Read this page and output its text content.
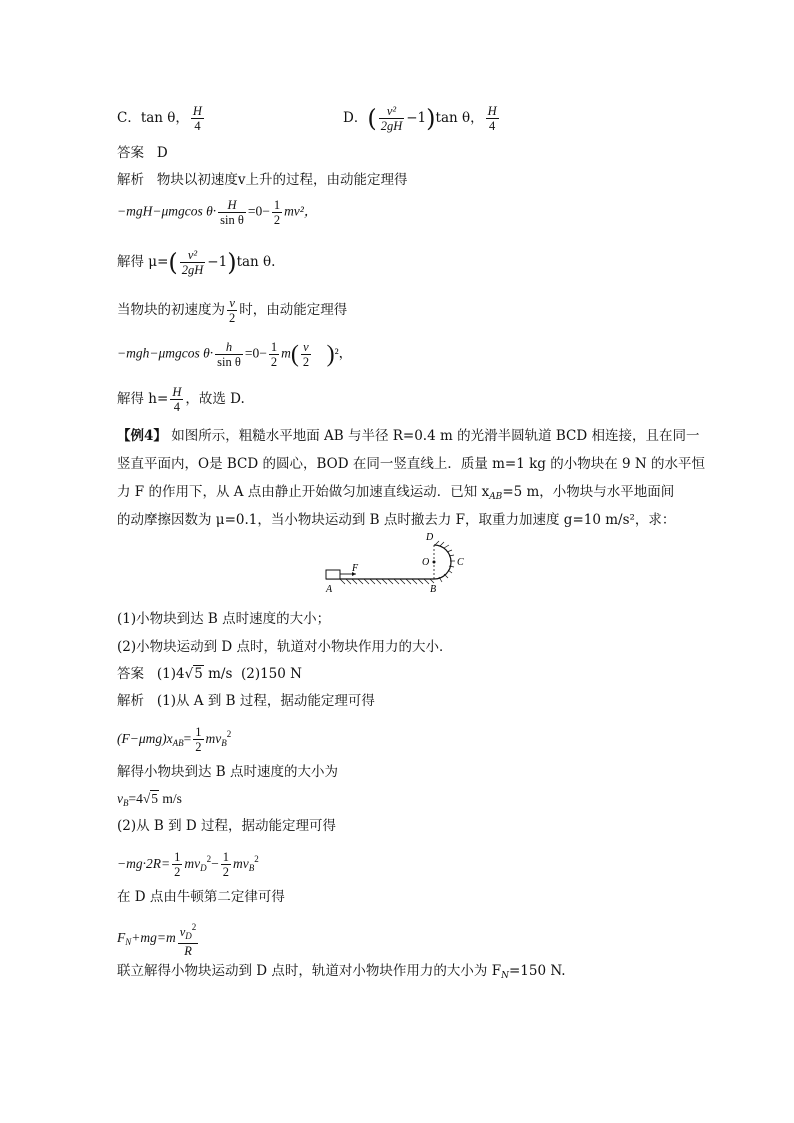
C．tan θ， $\frac{H}{4}$	D．( $\frac{\text{v²}}{2gH} -1)\tan$ θ， $\frac{H}{4}$
答案 D
解析 物块以初速度v上升的过程，由动能定理得
−mgH−μmgcos $\theta\cdot \frac{H}{\text{sin θ}} =0- \frac{1}{2} mv^2$，
解得 $\mu=( \frac{\text{v²}}{2gH} -1)\tan$ θ.
当物块的初速度为 $\frac{v}{2}$ 时，由动能定理得
−mgh−μmgcos $\theta\cdot \frac{h}{\text{sin θ}} =0- \frac{1}{2} m( \frac{v}{2} )^2$，
解得 $h= \frac{H}{4}$ ，故选 D.
【例4】 如图所示，粗糙水平地面 AB 与半径 R=0.4 m 的光滑半圆轨道 BCD 相连接，且在同一
竖直平面内，O是 BCD 的圆心，BOD 在同一竖直线上．质量 m=1 kg 的小物块在 9 N 的水平恒
力 F 的作用下，从 A 点由静止开始做匀加速直线运动．已知 $x_{AB}=5$ m，小物块与水平地面间
的动摩擦因数为 μ=0.1，当小物块运动到 B 点时撤去力 F，取重力加速度 g=10 m/s²，求：
F
D
O	C
A	B
(1)小物块到达 B 点时速度的大小；
(2)小物块运动到 D 点时，轨道对小物块作用力的大小．
答案 (1)4√5 m/s (2)150 N
解析 (1)从 A 到 B 过程，据动能定理可得
$(F-\mu mg)x_{AB}= \frac{1}{2} mv_B^2$
解得小物块到达 B 点时速度的大小为
$v_B=4√5$ m/s
(2)从 B 到 D 过程，据动能定理可得
$-mg\cdot 2R= \frac{1}{2} mv_D^2- \frac{1}{2} mv_B^2$
在 D 点由牛顿第二定律可得
$F_N+mg=m \frac{v_D^2}{R}$
联立解得小物块运动到 D 点时，轨道对小物块作用力的大小为 $F_N=150$ N.
